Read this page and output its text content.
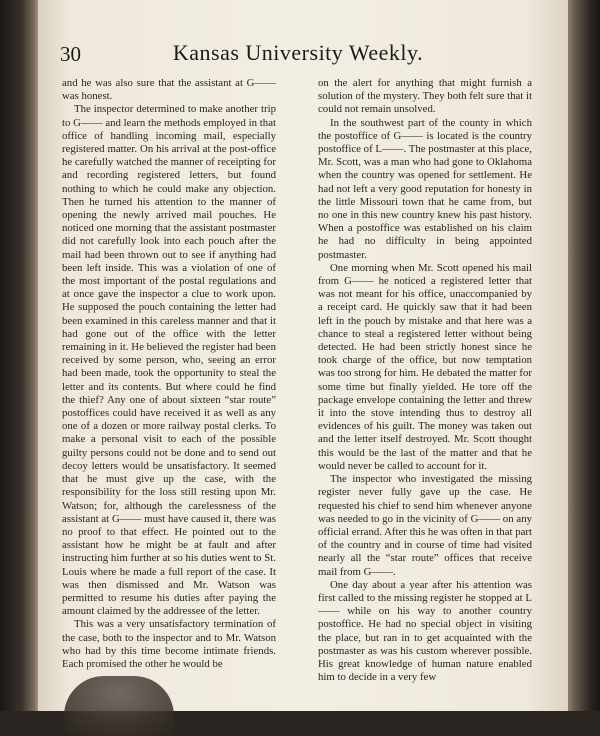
30	Kansas University Weekly.

and he was also sure that the assistant at G—— was honest.

The inspector determined to make another trip to G—— and learn the methods employed in that office of handling incoming mail, especially registered matter. On his arrival at the post-office he carefully watched the manner of receipting for and recording registered letters, but found nothing to which he could make any objection. Then he turned his attention to the manner of opening the newly arrived mail pouches. He noticed one morning that the assistant postmaster did not carefully look into each pouch after the mail had been thrown out to see if anything had been left inside. This was a violation of one of the most important of the postal regulations and at once gave the inspector a clue to work upon. He supposed the pouch containing the letter had been examined in this careless manner and that it had gone out of the office with the letter remaining in it. He believed the register had been received by some person, who, seeing an error had been made, took the opportunity to steal the letter and its contents. But where could he find the thief? Any one of about sixteen “star route” postoffices could have received it as well as any one of a dozen or more railway postal clerks. To make a personal visit to each of the possible guilty persons could not be done and to send out decoy letters would be unsatisfactory. It seemed that he must give up the case, with the responsibility for the loss still resting upon Mr. Watson; for, although the carelessness of the assistant at G—— must have caused it, there was no proof to that effect. He pointed out to the assistant how he might be at fault and after instructing him further at so his duties went to St. Louis where he made a full report of the case. It was then dismissed and Mr. Watson was permitted to resume his duties after paying the amount claimed by the addressee of the letter.

This was a very unsatisfactory termination of the case, both to the inspector and to Mr. Watson who had by this time become intimate friends. Each promised the other he would be

on the alert for anything that might furnish a solution of the mystery. They both felt sure that it could not remain unsolved.

In the southwest part of the county in which the postoffice of G—— is located is the country postoffice of L——. The postmaster at this place, Mr. Scott, was a man who had gone to Oklahoma when the country was opened for settlement. He had not left a very good reputation for honesty in the little Missouri town that he came from, but no one in this new country knew his past history. When a postoffice was established on his claim he had no difficulty in being appointed postmaster.

One morning when Mr. Scott opened his mail from G—— he noticed a registered letter that was not meant for his office, unaccompanied by a receipt card. He quickly saw that it had been left in the pouch by mistake and that here was a chance to steal a registered letter without being detected. He had been strictly honest since he took charge of the office, but now temptation was too strong for him. He debated the matter for some time but finally yielded. He tore off the package envelope containing the letter and threw it into the stove intending thus to destroy all evidences of his guilt. The money was taken out and the letter itself destroyed. Mr. Scott thought this would be the last of the matter and that he would never be called to account for it.

The inspector who investigated the missing register never fully gave up the case. He requested his chief to send him whenever anyone was needed to go in the vicinity of G—— on any official errand. After this he was often in that part of the country and in course of time had visited nearly all the “star route” offices that receive mail from G——.

One day about a year after his attention was first called to the missing register he stopped at L—— while on his way to another country postoffice. He had no special object in visiting the place, but ran in to get acquainted with the postmaster as was his custom wherever possible. His great knowledge of human nature enabled him to decide in a very few
